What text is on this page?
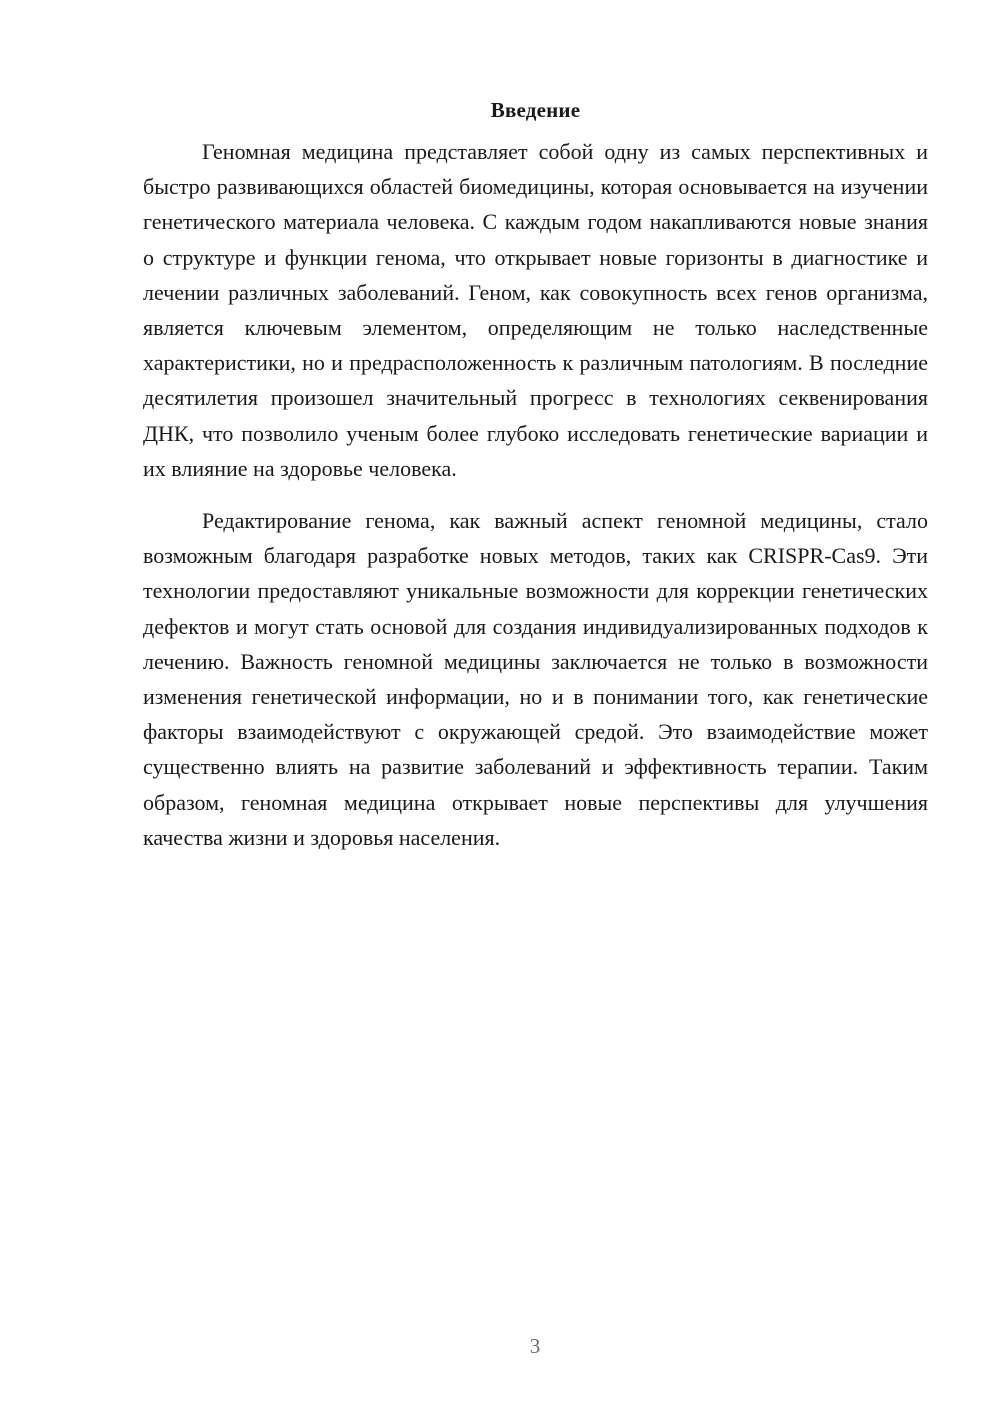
Введение

Геномная медицина представляет собой одну из самых перспективных и быстро развивающихся областей биомедицины, которая основывается на изучении генетического материала человека. С каждым годом накапливаются новые знания о структуре и функции генома, что открывает новые горизонты в диагностике и лечении различных заболеваний. Геном, как совокупность всех генов организма, является ключевым элементом, определяющим не только наследственные характеристики, но и предрасположенность к различным патологиям. В последние десятилетия произошел значительный прогресс в технологиях секвенирования ДНК, что позволило ученым более глубоко исследовать генетические вариации и их влияние на здоровье человека.

Редактирование генома, как важный аспект геномной медицины, стало возможным благодаря разработке новых методов, таких как CRISPR-Cas9. Эти технологии предоставляют уникальные возможности для коррекции генетических дефектов и могут стать основой для создания индивидуализированных подходов к лечению. Важность геномной медицины заключается не только в возможности изменения генетической информации, но и в понимании того, как генетические факторы взаимодействуют с окружающей средой. Это взаимодействие может существенно влиять на развитие заболеваний и эффективность терапии. Таким образом, геномная медицина открывает новые перспективы для улучшения качества жизни и здоровья населения.

3
